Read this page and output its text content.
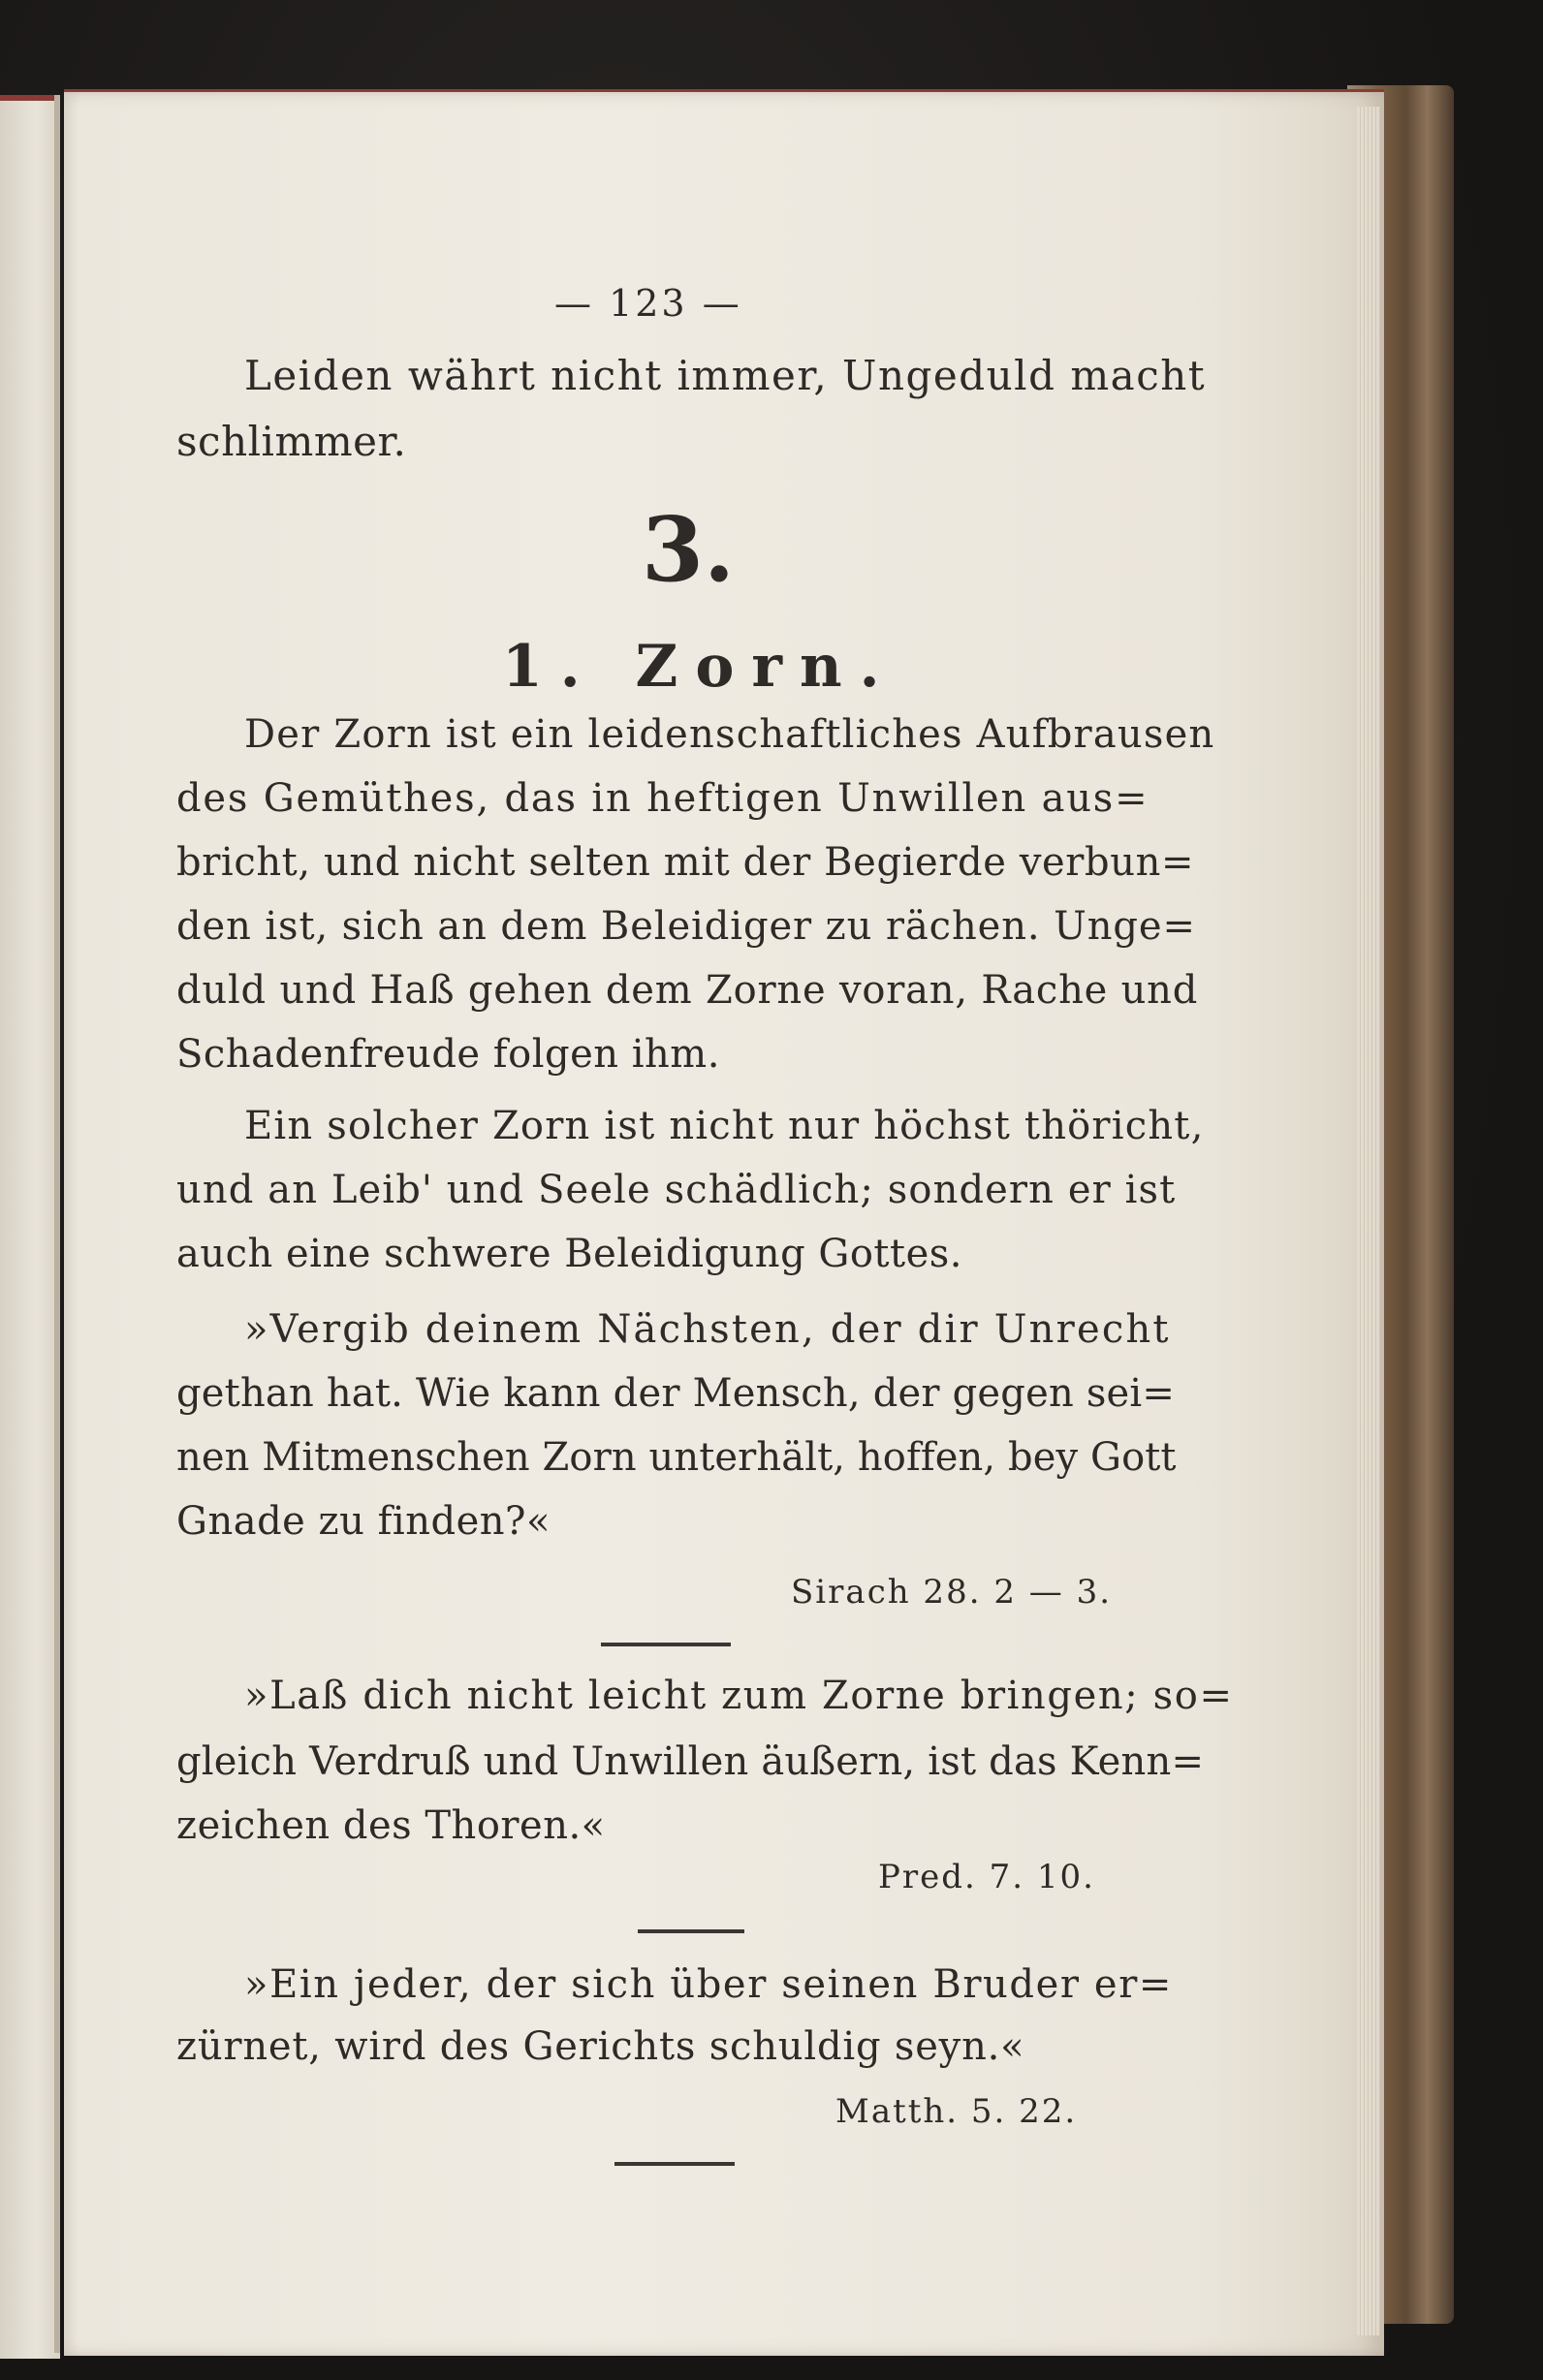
— 123 —
Leiden währt nicht immer, Ungeduld macht
schlimmer.
3.
1. Zorn.
Der Zorn ist ein leidenschaftliches Aufbrausen
des Gemüthes, das in heftigen Unwillen aus=
bricht, und nicht selten mit der Begierde verbun=
den ist, sich an dem Beleidiger zu rächen. Unge=
duld und Haß gehen dem Zorne voran, Rache und
Schadenfreude folgen ihm.
Ein solcher Zorn ist nicht nur höchst thöricht,
und an Leib' und Seele schädlich; sondern er ist
auch eine schwere Beleidigung Gottes.
»Vergib deinem Nächsten, der dir Unrecht
gethan hat. Wie kann der Mensch, der gegen sei=
nen Mitmenschen Zorn unterhält, hoffen, bey Gott
Gnade zu finden?«
Sirach 28. 2 — 3.
»Laß dich nicht leicht zum Zorne bringen; so=
gleich Verdruß und Unwillen äußern, ist das Kenn=
zeichen des Thoren.«
Pred. 7. 10.
»Ein jeder, der sich über seinen Bruder er=
zürnet, wird des Gerichts schuldig seyn.«
Matth. 5. 22.
